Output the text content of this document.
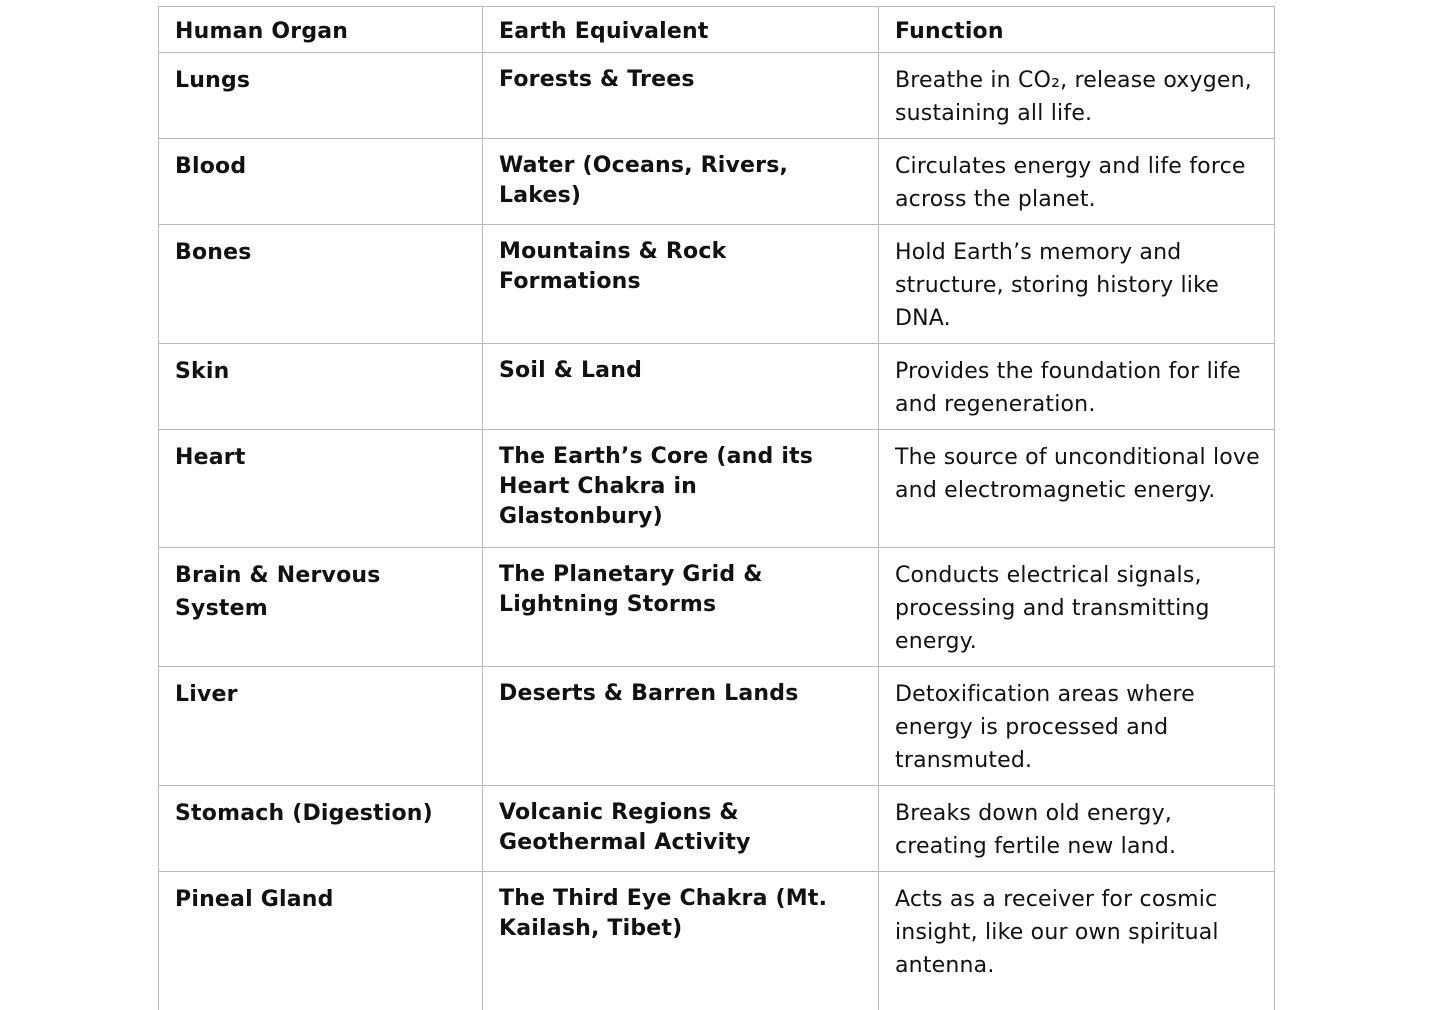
Human Organ	Earth Equivalent	Function
Lungs	Forests & Trees	Breathe in CO₂, release oxygen, sustaining all life.
Blood	Water (Oceans, Rivers, Lakes)	Circulates energy and life force across the planet.
Bones	Mountains & Rock Formations	Hold Earth’s memory and structure, storing history like DNA.
Skin	Soil & Land	Provides the foundation for life and regeneration.
Heart	The Earth’s Core (and its Heart Chakra in Glastonbury)	The source of unconditional love and electromagnetic energy.
Brain & Nervous System	The Planetary Grid & Lightning Storms	Conducts electrical signals, processing and transmitting energy.
Liver	Deserts & Barren Lands	Detoxification areas where energy is processed and transmuted.
Stomach (Digestion)	Volcanic Regions & Geothermal Activity	Breaks down old energy, creating fertile new land.
Pineal Gland	The Third Eye Chakra (Mt. Kailash, Tibet)	Acts as a receiver for cosmic insight, like our own spiritual antenna.
